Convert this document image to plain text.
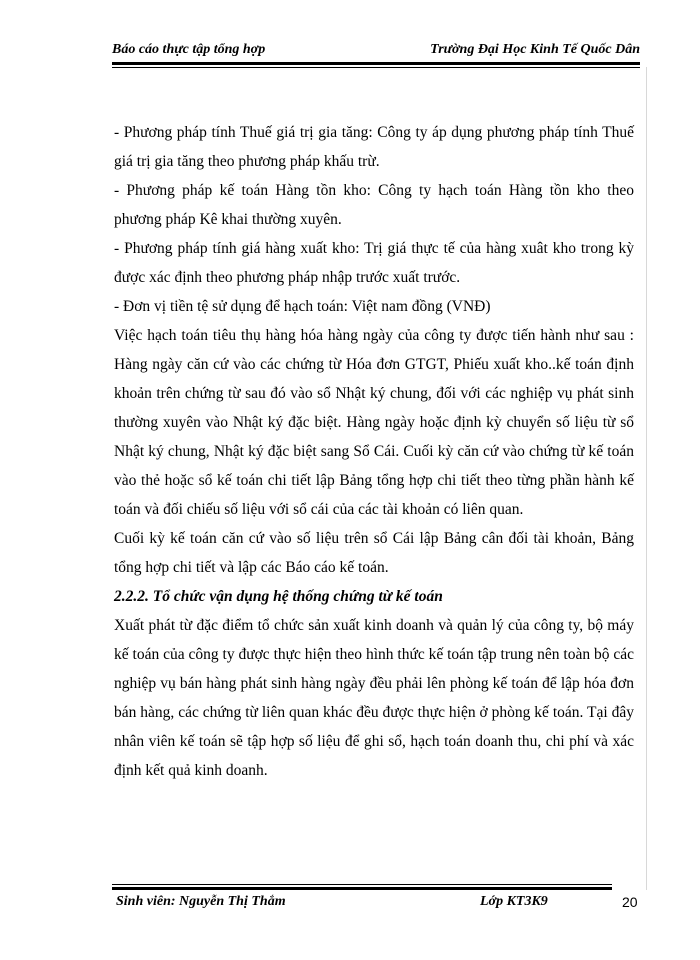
Báo cáo thực tập tổng hợp	Trường Đại Học Kinh Tế Quốc Dân

- Phương pháp tính Thuế giá trị gia tăng: Công ty áp dụng phương pháp tính Thuế giá trị gia tăng theo phương pháp khấu trừ.

- Phương pháp kế toán Hàng tồn kho: Công ty hạch toán Hàng tồn kho theo phương pháp Kê khai thường xuyên.

- Phương pháp tính giá hàng xuất kho: Trị giá thực tế của hàng xuât kho trong kỳ được xác định theo phương pháp nhập trước xuất trước.

- Đơn vị tiền tệ sử dụng để hạch toán: Việt nam đồng (VNĐ)

Việc hạch toán tiêu thụ hàng hóa hàng ngày của công ty được tiến hành như sau : Hàng ngày căn cứ vào các chứng từ Hóa đơn GTGT, Phiếu xuất kho..kế toán định khoản trên chứng từ sau đó vào sổ Nhật ký chung, đối với các nghiệp vụ phát sinh thường xuyên vào Nhật ký đặc biệt. Hàng ngày hoặc định kỳ chuyển số liệu từ sổ Nhật ký chung, Nhật ký đặc biệt sang Sổ Cái. Cuối kỳ căn cứ vào chứng từ kế toán vào thẻ hoặc sổ kế toán chi tiết lập Bảng tổng hợp chi tiết theo từng phần hành kế toán và đối chiếu số liệu với sổ cái của các tài khoản có liên quan.

Cuối kỳ kế toán căn cứ vào số liệu trên sổ Cái lập Bảng cân đối tài khoản, Bảng tổng hợp chi tiết và lập các Báo cáo kế toán.

2.2.2. Tổ chức vận dụng hệ thống chứng từ kế toán

Xuất phát từ đặc điểm tổ chức sản xuất kinh doanh và quản lý của công ty, bộ máy kế toán của công ty được thực hiện theo hình thức kế toán tập trung nên toàn bộ các nghiệp vụ bán hàng phát sinh hàng ngày đều phải lên phòng kế toán để lập hóa đơn bán hàng, các chứng từ liên quan khác đều được thực hiện ở phòng kế toán. Tại đây nhân viên kế toán sẽ tập hợp số liệu để ghi sổ, hạch toán doanh thu, chi phí và xác định kết quả kinh doanh.

Sinh viên: Nguyễn Thị Thắm	Lớp KT3K9	20
